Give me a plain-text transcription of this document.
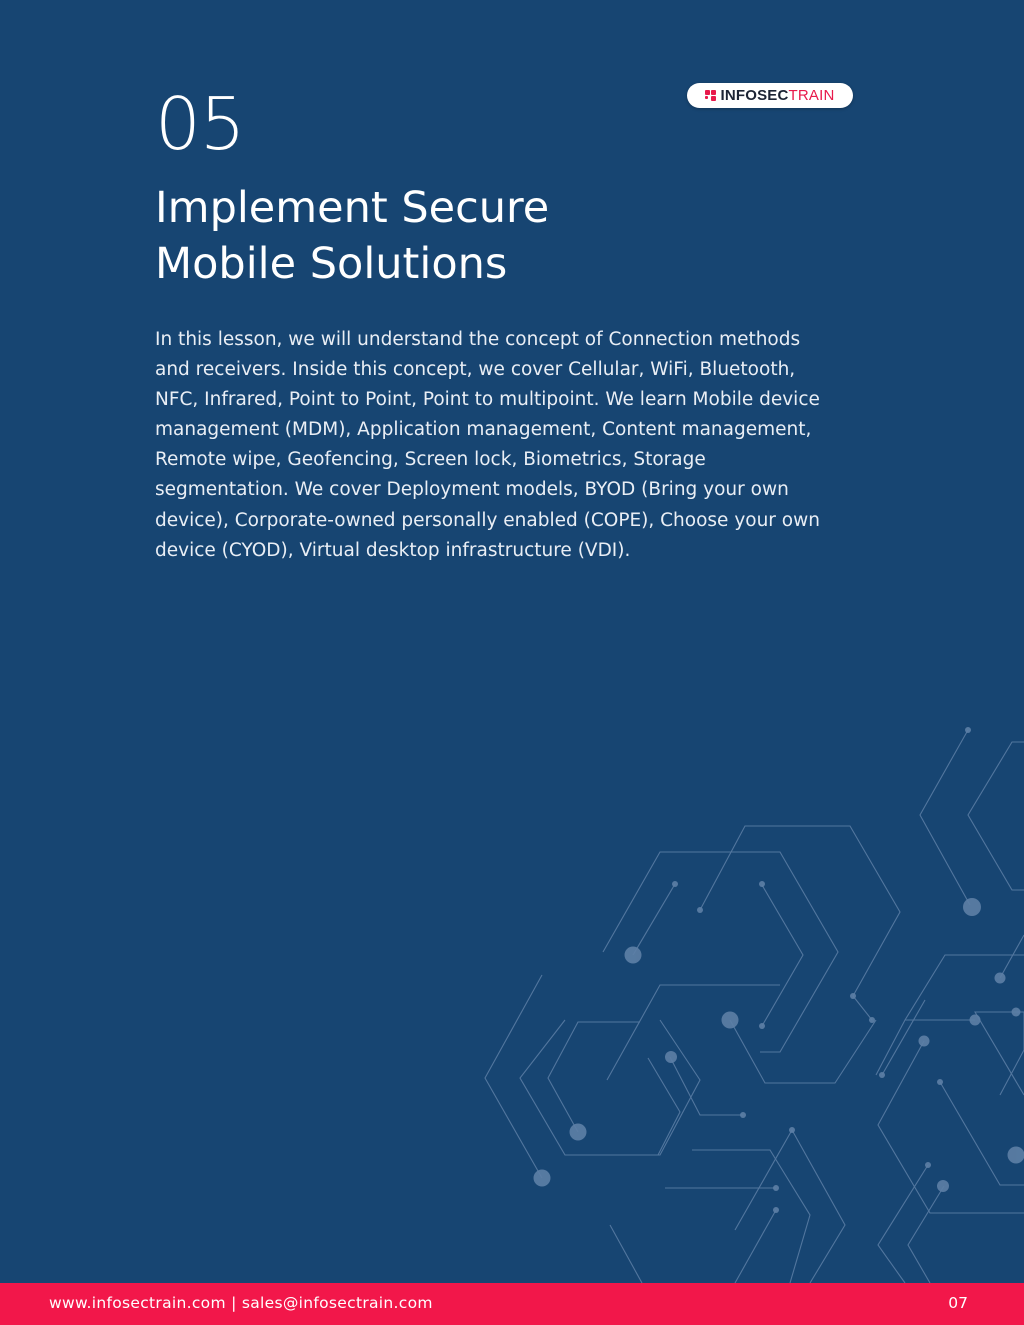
INFOSECTRAIN
05
Implement Secure
Mobile Solutions

In this lesson, we will understand the concept of Connection methods and receivers. Inside this concept, we cover Cellular, WiFi, Bluetooth, NFC, Infrared, Point to Point, Point to multipoint. We learn Mobile device management (MDM), Application management, Content management, Remote wipe, Geofencing, Screen lock, Biometrics, Storage segmentation. We cover Deployment models, BYOD (Bring your own device), Corporate-owned personally enabled (COPE), Choose your own device (CYOD), Virtual desktop infrastructure (VDI).

www.infosectrain.com | sales@infosectrain.com	07
